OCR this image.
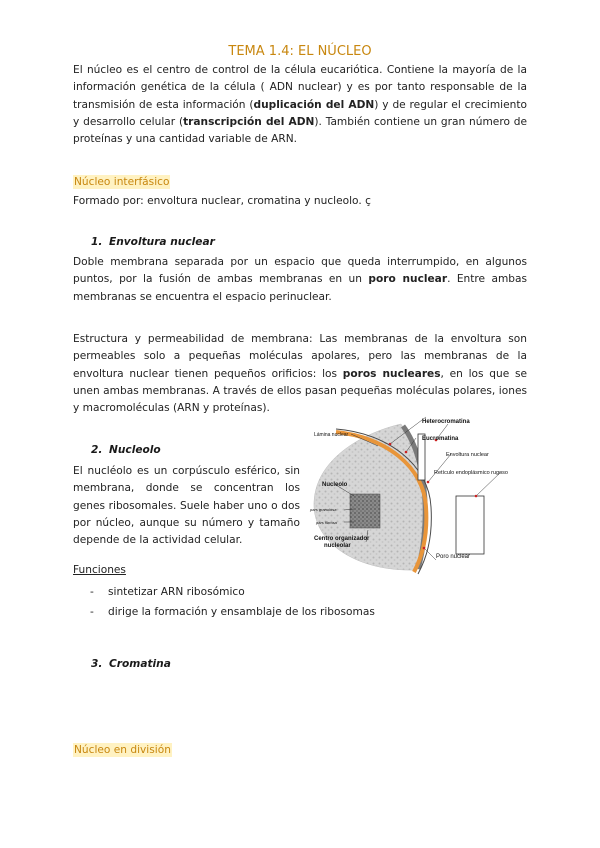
TEMA 1.4: EL NÚCLEO

El núcleo es el centro de control de la célula eucariótica. Contiene la mayoría de la información genética de la célula ( ADN nuclear) y es por tanto responsable de la transmisión de esta información (duplicación del ADN) y de regular el crecimiento y desarrollo celular (transcripción del ADN). También contiene un gran número de proteínas y una cantidad variable de ARN.

Núcleo interfásico

Formado por: envoltura nuclear, cromatina y nucleolo. ç

1. Envoltura nuclear

Doble membrana separada por un espacio que queda interrumpido, en algunos puntos, por la fusión de ambas membranas en un poro nuclear. Entre ambas membranas se encuentra el espacio perinuclear.

Estructura y permeabilidad de membrana: Las membranas de la envoltura son permeables solo a pequeñas moléculas apolares, pero las membranas de la envoltura nuclear tienen pequeños orificios: los poros nucleares, en los que se unen ambas membranas. A través de ellos pasan pequeñas moléculas polares, iones y macromoléculas (ARN y proteínas).

2. Nucleolo

El nucléolo es un corpúsculo esférico, sin membrana, donde se concentran los genes ribosomales. Suele haber uno o dos por núcleo, aunque su número y tamaño depende de la actividad celular.

Funciones

- sintetizar ARN ribosómico
- dirige la formación y ensamblaje de los ribosomas

3. Cromatina

Núcleo en división

Heterocromatina
Lámina nuclear
Eucromatina
Envoltura nuclear
Retículo endoplásmico rugoso
Nucleolo
pars granulosa
pars fibrosa
Centro organizador
nucleolar
Poro nuclear
